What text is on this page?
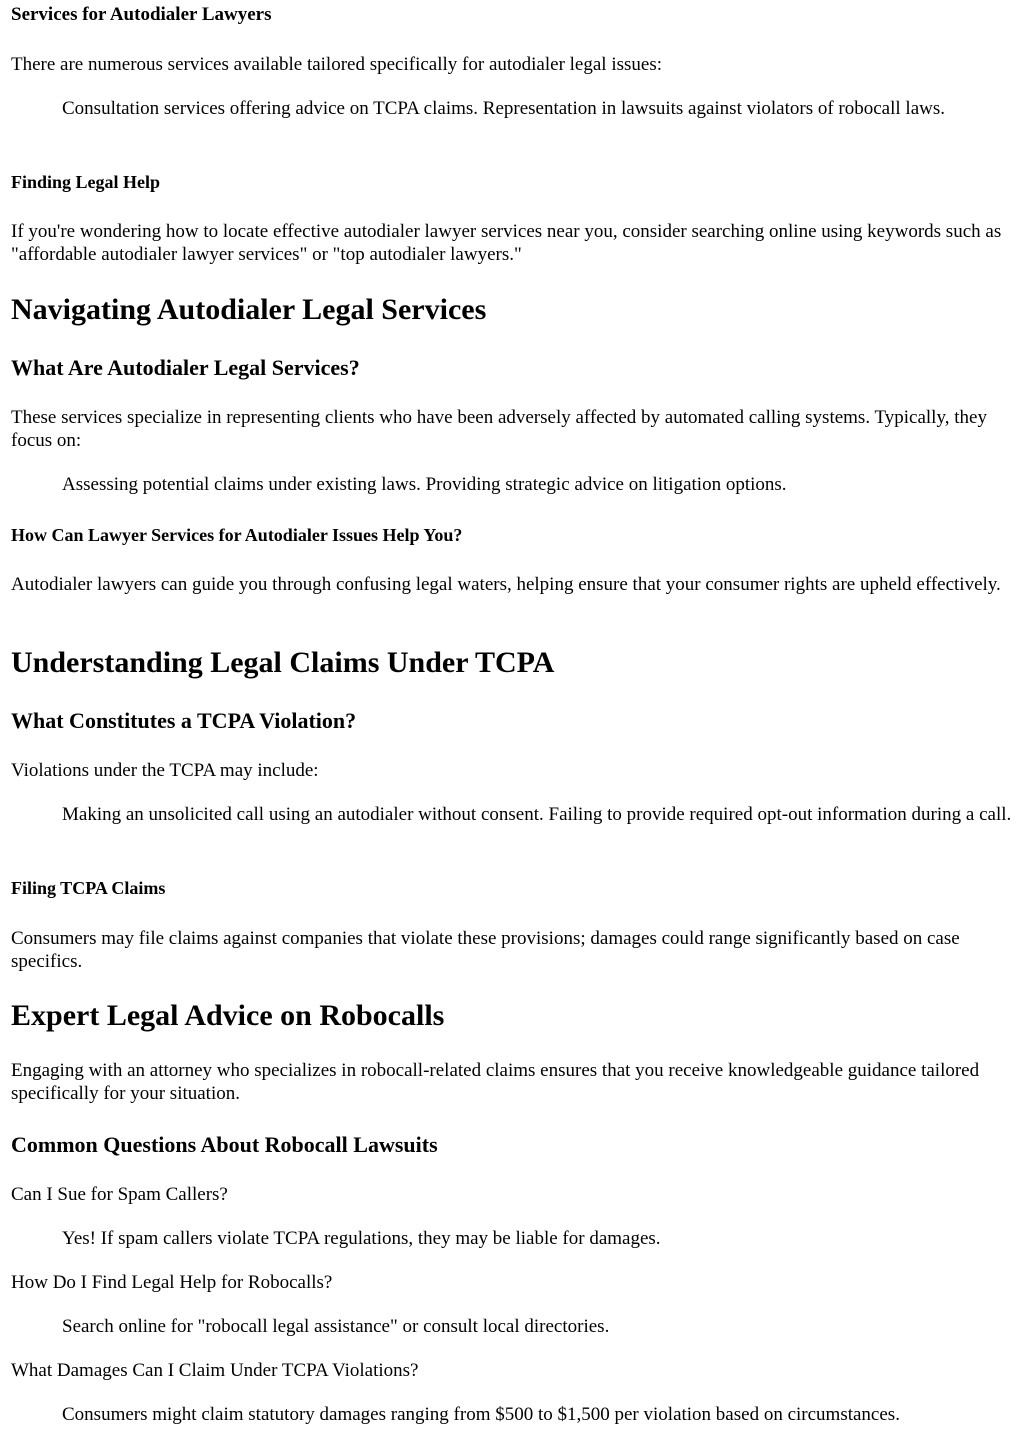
Services for Autodialer Lawyers

There are numerous services available tailored specifically for autodialer legal issues:

Consultation services offering advice on TCPA claims. Representation in lawsuits against violators of robocall laws.
Finding Legal Help

If you're wondering how to locate effective autodialer lawyer services near you, consider searching online using keywords such as "affordable autodialer lawyer services" or "top autodialer lawyers."

Navigating Autodialer Legal Services
What Are Autodialer Legal Services?

These services specialize in representing clients who have been adversely affected by automated calling systems. Typically, they focus on:

Assessing potential claims under existing laws. Providing strategic advice on litigation options.
How Can Lawyer Services for Autodialer Issues Help You?

Autodialer lawyers can guide you through confusing legal waters, helping ensure that your consumer rights are upheld effectively.

Understanding Legal Claims Under TCPA
What Constitutes a TCPA Violation?

Violations under the TCPA may include:

Making an unsolicited call using an autodialer without consent. Failing to provide required opt-out information during a call.
Filing TCPA Claims

Consumers may file claims against companies that violate these provisions; damages could range significantly based on case specifics.

Expert Legal Advice on Robocalls

Engaging with an attorney who specializes in robocall-related claims ensures that you receive knowledgeable guidance tailored specifically for your situation.

Common Questions About Robocall Lawsuits

Can I Sue for Spam Callers?

Yes! If spam callers violate TCPA regulations, they may be liable for damages.

How Do I Find Legal Help for Robocalls?

Search online for "robocall legal assistance" or consult local directories.

What Damages Can I Claim Under TCPA Violations?

Consumers might claim statutory damages ranging from $500 to $1,500 per violation based on circumstances.
